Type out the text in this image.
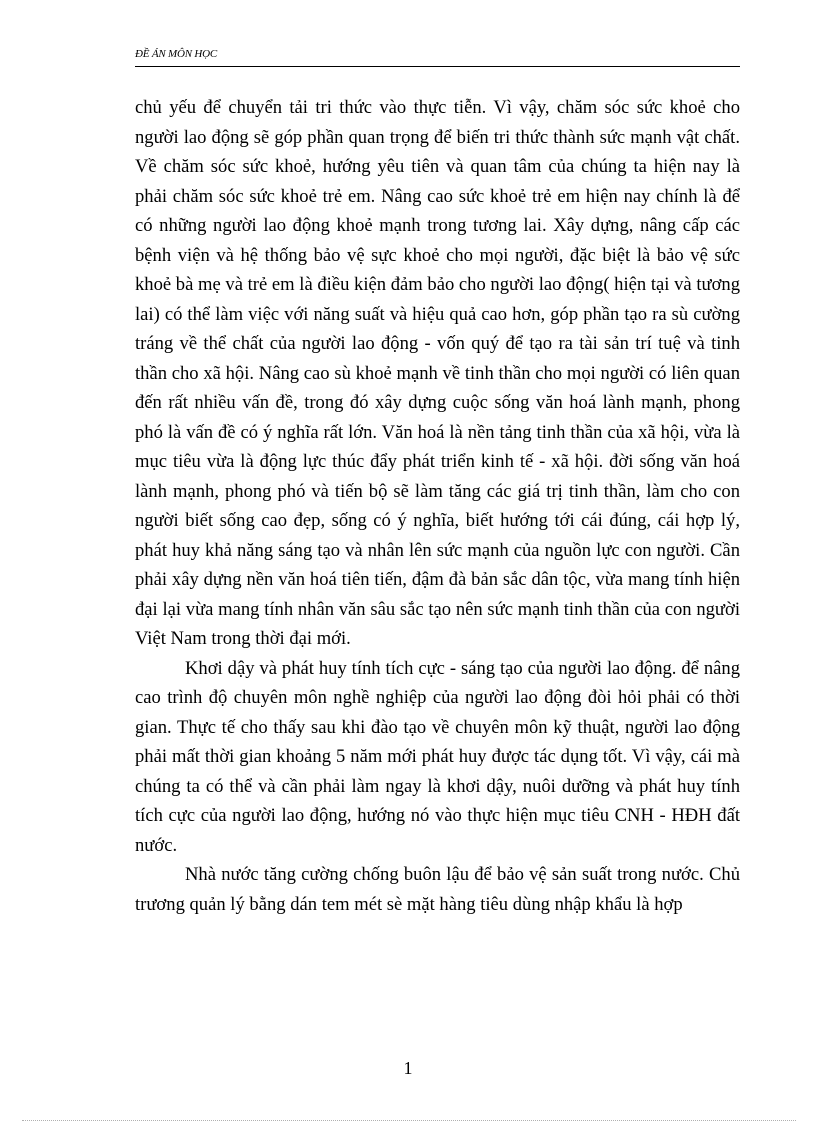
ĐỀ ÁN MÔN HỌC

chủ yếu để chuyển tải tri thức vào thực tiễn. Vì vậy, chăm sóc sức khoẻ cho người lao động sẽ góp phần quan trọng để biến tri thức thành sức mạnh vật chất. Về chăm sóc sức khoẻ, hướng yêu tiên và quan tâm của chúng ta hiện nay là phải chăm sóc sức khoẻ trẻ em. Nâng cao sức khoẻ trẻ em hiện nay chính là để có những người lao động khoẻ mạnh trong tương lai. Xây dựng, nâng cấp các bệnh viện và hệ thống bảo vệ sực khoẻ cho mọi người, đặc biệt là bảo vệ sức khoẻ bà mẹ và trẻ em là điều kiện đảm bảo cho người lao động( hiện tại và tương lai) có thể làm việc với năng suất và hiệu quả cao hơn, góp phần tạo ra sù cường tráng về thể chất của người lao động - vốn quý để tạo ra tài sản trí tuệ và tinh thần cho xã hội. Nâng cao sù khoẻ mạnh về tinh thần cho mọi người có liên quan đến rất nhiều vấn đề, trong đó xây dựng cuộc sống văn hoá lành mạnh, phong phó là vấn đề có ý nghĩa rất lớn. Văn hoá là nền tảng tinh thần của xã hội, vừa là mục tiêu vừa là động lực thúc đẩy phát triển kinh tế - xã hội. đời sống văn hoá lành mạnh, phong phó và tiến bộ sẽ làm tăng các giá trị tinh thần, làm cho con người biết sống cao đẹp, sống có ý nghĩa, biết hướng tới cái đúng, cái hợp lý, phát huy khả năng sáng tạo và nhân lên sức mạnh của nguồn lực con người. Cần phải xây dựng nền văn hoá tiên tiến, đậm đà bản sắc dân tộc, vừa mang tính hiện đại lại vừa mang tính nhân văn sâu sắc tạo nên sức mạnh tinh thần của con người Việt Nam trong thời đại mới.

Khơi dậy và phát huy tính tích cực - sáng tạo của người lao động. để nâng cao trình độ chuyên môn nghề nghiệp của người lao động đòi hỏi phải có thời gian. Thực tế cho thấy sau khi đào tạo về chuyên môn kỹ thuật, người lao động phải mất thời gian khoảng 5 năm mới phát huy được tác dụng tốt. Vì vậy, cái mà chúng ta có thể và cần phải làm ngay là khơi dậy, nuôi dưỡng và phát huy tính tích cực của người lao động, hướng nó vào thực hiện mục tiêu CNH - HĐH đất nước.

Nhà nước tăng cường chống buôn lậu để bảo vệ sản suất trong nước. Chủ trương quản lý bằng dán tem mét sè mặt hàng tiêu dùng nhập khẩu là hợp

1
